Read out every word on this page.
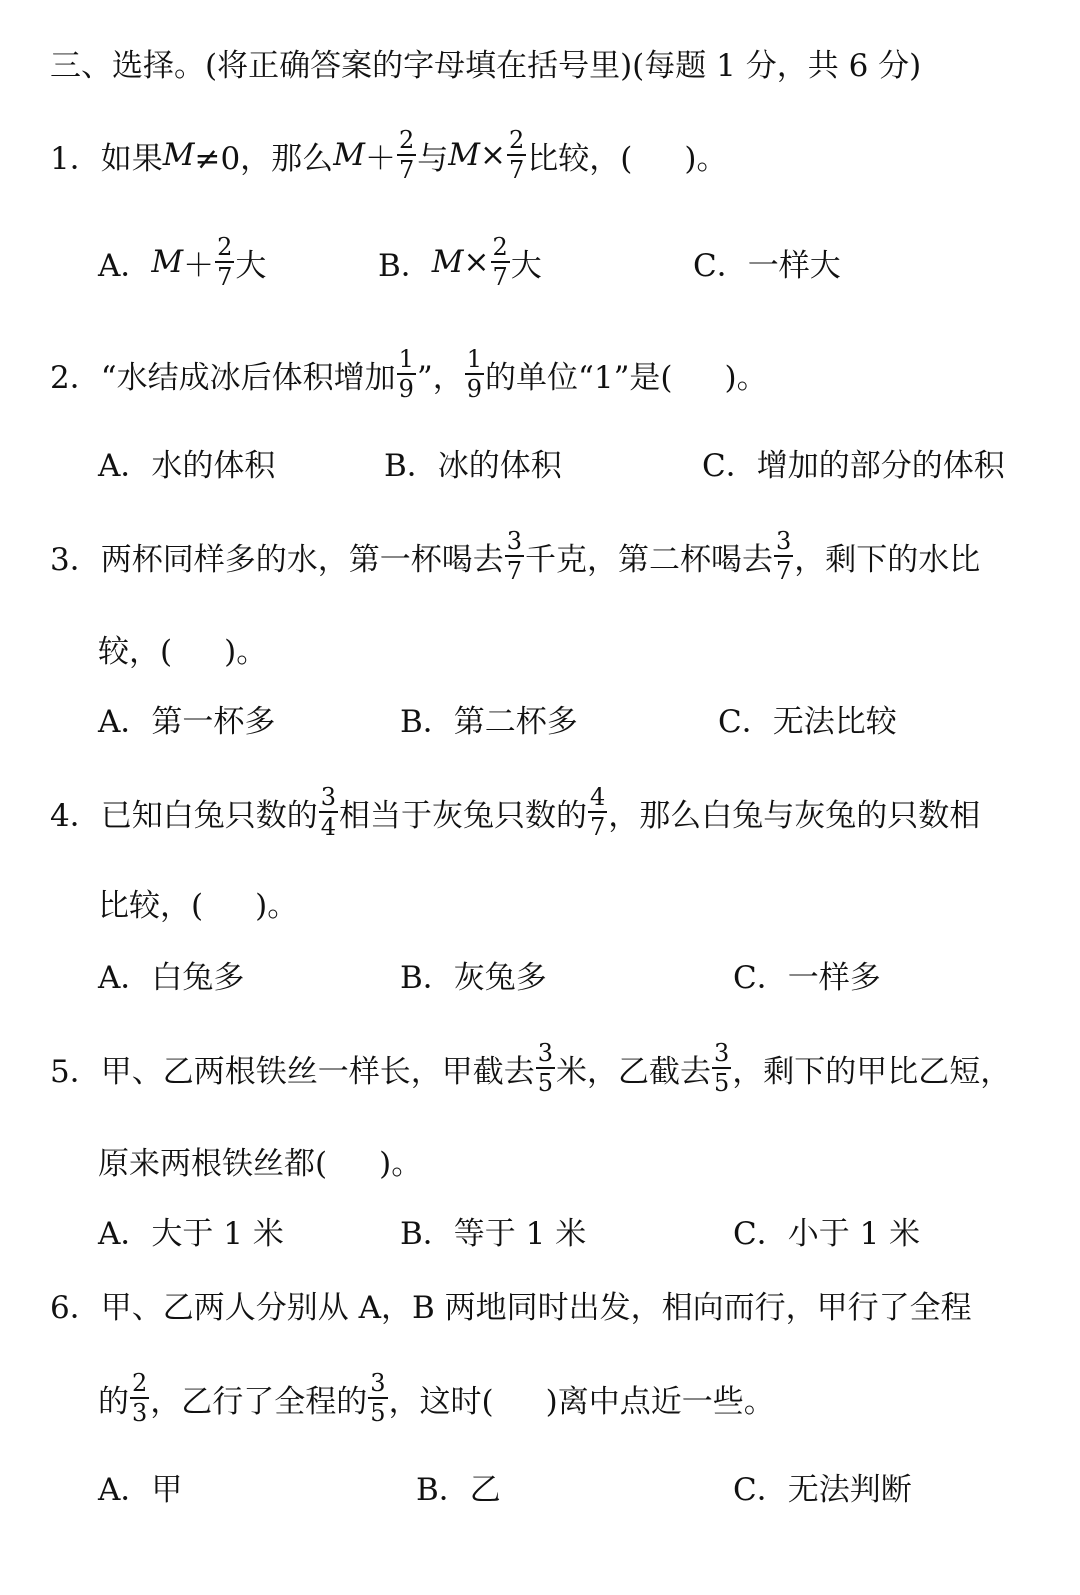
三、选择。(将正确答案的字母填在括号里)(每题 1 分，共 6 分)
1． 如果 M ≠0，那么 $M + \frac{2}{7}$ 与 $M \times \frac{2}{7}$ 比较，( )。
A． $M + \frac{2}{7}$ 大	B． $M \times \frac{2}{7}$ 大	C． 一样大
2． “水结成冰后体积增加 $\frac{1}{9}$ ”， $\frac{1}{9}$ 的单位“1”是( )。
A． 水的体积	B． 冰的体积	C． 增加的部分的体积
3． 两杯同样多的水，第一杯喝去 $\frac{3}{7}$ 千克，第二杯喝去 $\frac{3}{7}$ ，剩下的水比
较，( )。
A． 第一杯多	B． 第二杯多	C． 无法比较
4． 已知白兔只数的 $\frac{3}{4}$ 相当于灰兔只数的 $\frac{4}{7}$ ，那么白兔与灰兔的只数相
比较，( )。
A． 白兔多	B． 灰兔多	C． 一样多
5． 甲、乙两根铁丝一样长，甲截去 $\frac{3}{5}$ 米，乙截去 $\frac{3}{5}$ ，剩下的甲比乙短，
原来两根铁丝都( )。
A． 大于 1 米	B． 等于 1 米	C． 小于 1 米
6． 甲、乙两人分别从 A，B 两地同时出发，相向而行，甲行了全程
的 $\frac{2}{3}$ ，乙行了全程的 $\frac{3}{5}$ ，这时( )离中点近一些。
A． 甲	B． 乙	C． 无法判断
